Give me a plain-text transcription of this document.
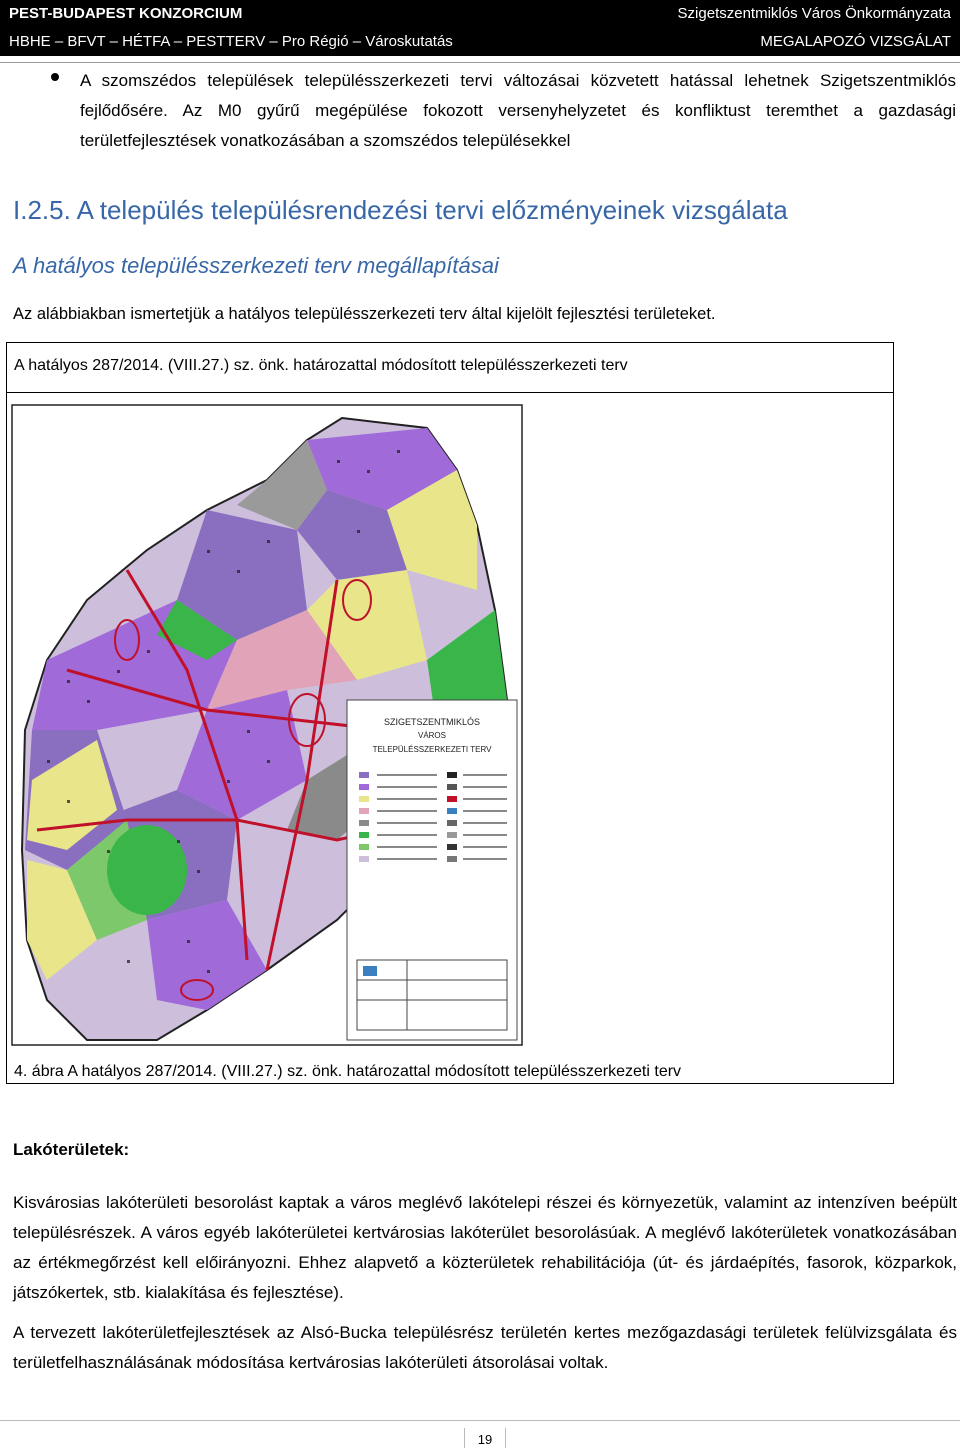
PEST-BUDAPEST KONZORCIUM	Szigetszentmiklós Város Önkormányzata
HBHE – BFVT – HÉTFA – PESTTERV – Pro Régió – Városkutatás	MEGALAPOZÓ VIZSGÁLAT
A szomszédos települések településszerkezeti tervi változásai közvetett hatással lehetnek Szigetszentmiklós fejlődősére. Az M0 gyűrű megépülése fokozott versenyhelyzetet és konfliktust teremthet a gazdasági területfejlesztések vonatkozásában a szomszédos településekkel
I.2.5. A település településrendezési tervi előzményeinek vizsgálata
A hatályos településszerkezeti terv megállapításai
Az alábbiakban ismertetjük a hatályos településszerkezeti terv által kijelölt fejlesztési területeket.
A hatályos 287/2014. (VIII.27.) sz. önk. határozattal módosított településszerkezeti terv
SZIGETSZENTMIKLÓS
VÁROS
TELEPÜLÉSSZERKEZETI TERV
4. ábra A hatályos 287/2014. (VIII.27.) sz. önk. határozattal módosított településszerkezeti terv
Lakóterületek:
Kisvárosias lakóterületi besorolást kaptak a város meglévő lakótelepi részei és környezetük, valamint az intenzíven beépült településrészek. A város egyéb lakóterületei kertvárosias lakóterület besorolásúak. A meglévő lakóterületek vonatkozásában az értékmegőrzést kell előirányozni. Ehhez alapvető a közterületek rehabilitációja (út- és járdaépítés, fasorok, közparkok, játszókertek, stb. kialakítása és fejlesztése).
A tervezett lakóterületfejlesztések az Alsó-Bucka településrész területén kertes mezőgazdasági területek felülvizsgálata és területfelhasználásának módosítása kertvárosias lakóterületi átsorolásai voltak.
19
